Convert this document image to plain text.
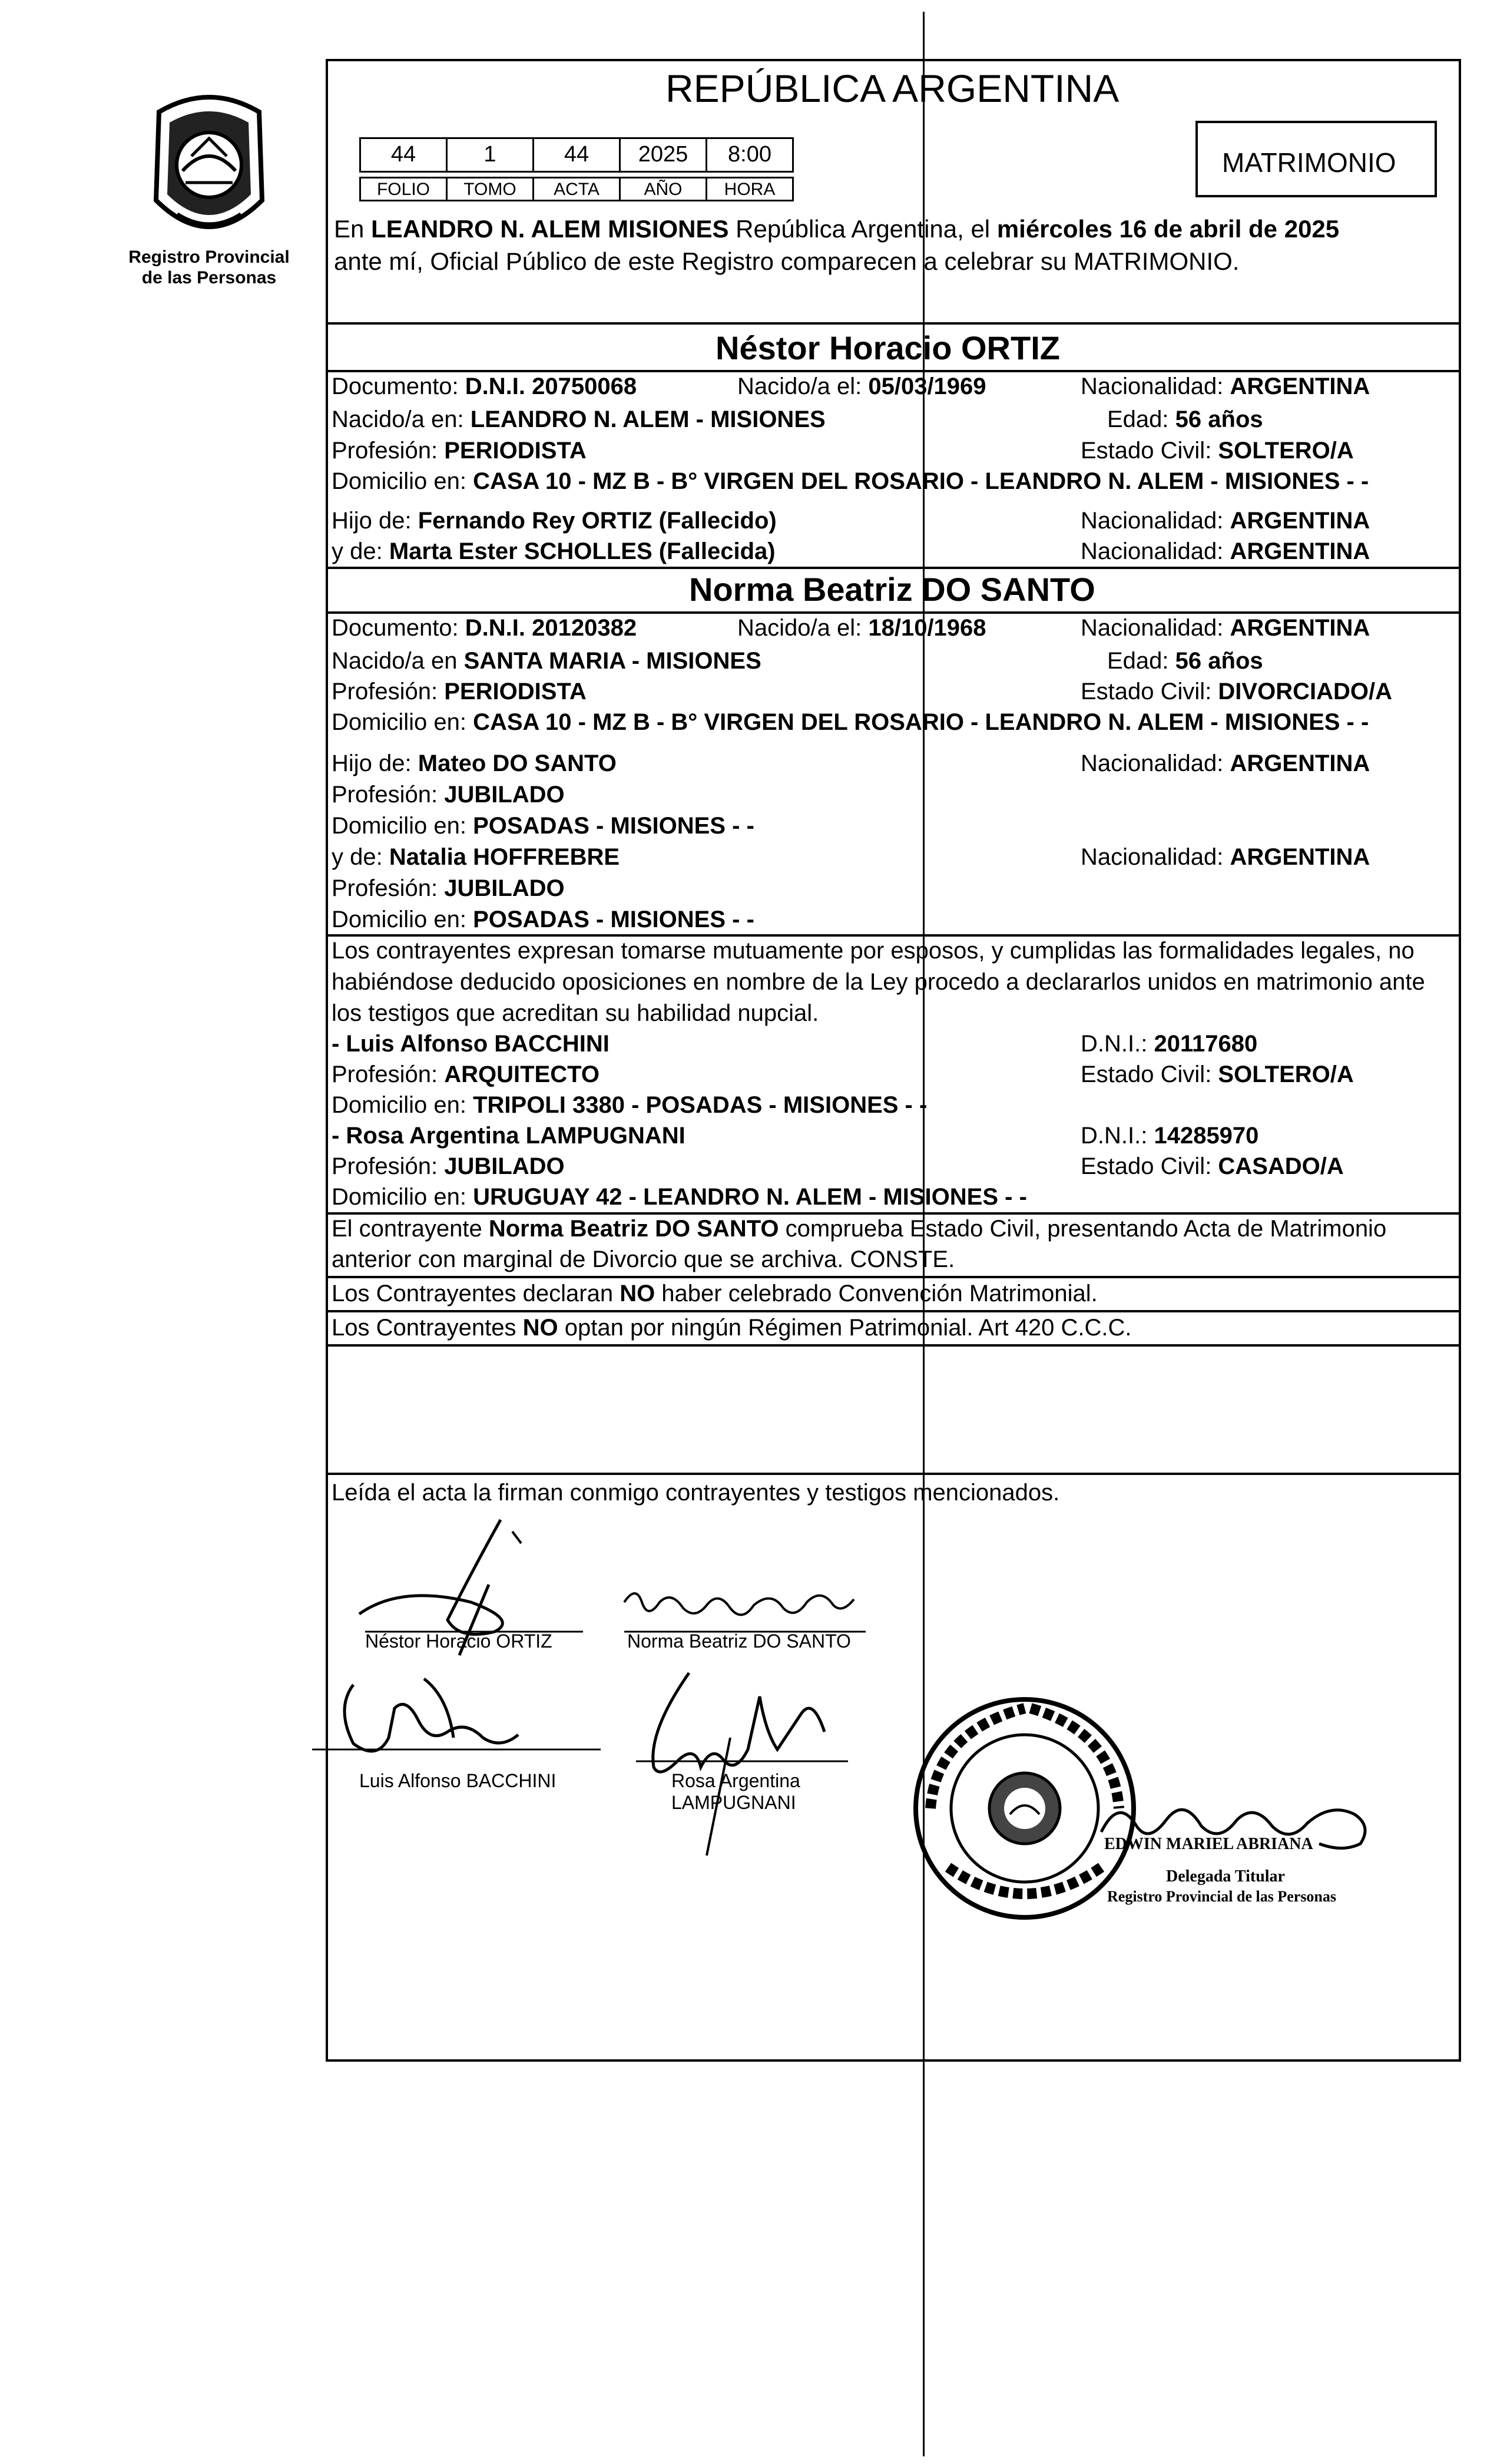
Registro Provincial
de las Personas
REPÚBLICA ARGENTINA
44	1	44	2025	8:00
FOLIO	TOMO	ACTA	AÑO	HORA
MATRIMONIO
En LEANDRO N. ALEM MISIONES República Argentina, el miércoles 16 de abril de 2025
ante mí, Oficial Público de este Registro comparecen a celebrar su MATRIMONIO.
Néstor Horacio ORTIZ
Documento: D.N.I. 20750068	Nacido/a el: 05/03/1969	Nacionalidad: ARGENTINA
Nacido/a en: LEANDRO N. ALEM - MISIONES	Edad: 56 años
Profesión: PERIODISTA	Estado Civil: SOLTERO/A
Domicilio en: CASA 10 - MZ B - B° VIRGEN DEL ROSARIO - LEANDRO N. ALEM - MISIONES - -
Hijo de: Fernando Rey ORTIZ (Fallecido)	Nacionalidad: ARGENTINA
y de: Marta Ester SCHOLLES (Fallecida)	Nacionalidad: ARGENTINA
Norma Beatriz DO SANTO
Documento: D.N.I. 20120382	Nacido/a el: 18/10/1968	Nacionalidad: ARGENTINA
Nacido/a en SANTA MARIA - MISIONES	Edad: 56 años
Profesión: PERIODISTA	Estado Civil: DIVORCIADO/A
Domicilio en: CASA 10 - MZ B - B° VIRGEN DEL ROSARIO - LEANDRO N. ALEM - MISIONES - -
Hijo de: Mateo DO SANTO	Nacionalidad: ARGENTINA
Profesión: JUBILADO
Domicilio en: POSADAS - MISIONES - -
y de: Natalia HOFFREBRE	Nacionalidad: ARGENTINA
Profesión: JUBILADO
Domicilio en: POSADAS - MISIONES - -
Los contrayentes expresan tomarse mutuamente por esposos, y cumplidas las formalidades legales, no
habiéndose deducido oposiciones en nombre de la Ley procedo a declararlos unidos en matrimonio ante
los testigos que acreditan su habilidad nupcial.
- Luis Alfonso BACCHINI	D.N.I.: 20117680
Profesión: ARQUITECTO	Estado Civil: SOLTERO/A
Domicilio en: TRIPOLI 3380 - POSADAS - MISIONES - -
- Rosa Argentina LAMPUGNANI	D.N.I.: 14285970
Profesión: JUBILADO	Estado Civil: CASADO/A
Domicilio en: URUGUAY 42 - LEANDRO N. ALEM - MISIONES - -
El contrayente Norma Beatriz DO SANTO comprueba Estado Civil, presentando Acta de Matrimonio
anterior con marginal de Divorcio que se archiva. CONSTE.
Los Contrayentes declaran NO haber celebrado Convención Matrimonial.
Los Contrayentes NO optan por ningún Régimen Patrimonial. Art 420 C.C.C.
Leída el acta la firman conmigo contrayentes y testigos mencionados.
Néstor Horacio ORTIZ	Norma Beatriz DO SANTO
Luis Alfonso BACCHINI	Rosa Argentina
LAMPUGNANI
EDWIN MARIEL ABRIANA
Delegada Titular
Registro Provincial de las Personas
